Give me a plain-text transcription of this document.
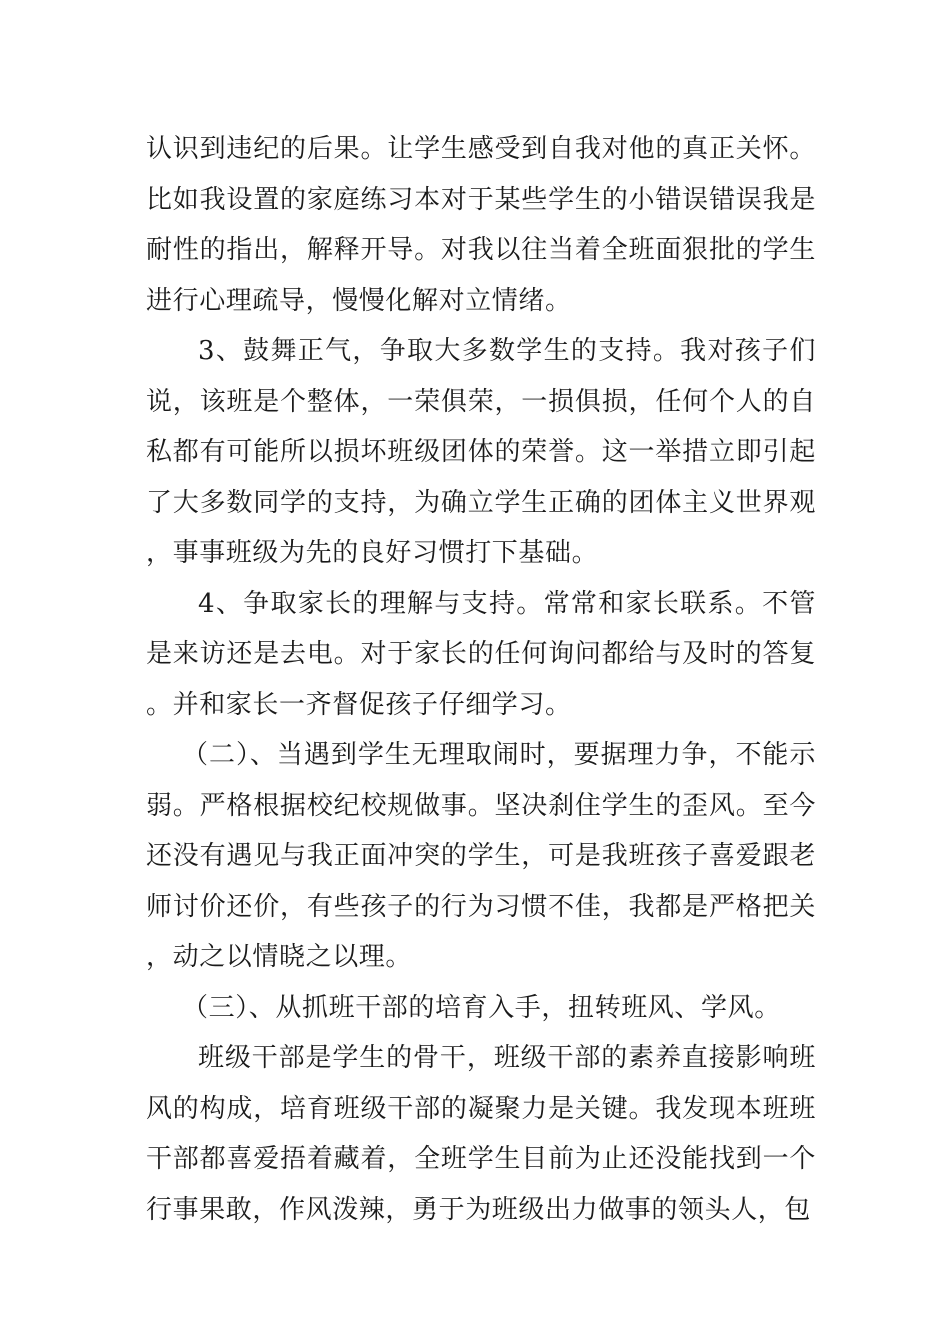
认识到违纪的后果。让学生感受到自我对他的真正关怀。比如我设置的家庭练习本对于某些学生的小错误错误我是耐性的指出，解释开导。对我以往当着全班面狠批的学生进行心理疏导，慢慢化解对立情绪。

3、鼓舞正气，争取大多数学生的支持。我对孩子们说，该班是个整体，一荣俱荣，一损俱损，任何个人的自私都有可能所以损坏班级团体的荣誉。这一举措立即引起了大多数同学的支持，为确立学生正确的团体主义世界观，事事班级为先的良好习惯打下基础。

4、争取家长的理解与支持。常常和家长联系。不管是来访还是去电。对于家长的任何询问都给与及时的答复。并和家长一齐督促孩子仔细学习。

（二）、当遇到学生无理取闹时，要据理力争，不能示弱。严格根据校纪校规做事。坚决刹住学生的歪风。至今还没有遇见与我正面冲突的学生，可是我班孩子喜爱跟老师讨价还价，有些孩子的行为习惯不佳，我都是严格把关，动之以情晓之以理。

（三）、从抓班干部的培育入手，扭转班风、学风。

班级干部是学生的骨干，班级干部的素养直接影响班风的构成，培育班级干部的凝聚力是关键。我发现本班班干部都喜爱捂着藏着，全班学生目前为止还没能找到一个行事果敢，作风泼辣，勇于为班级出力做事的领头人，包
